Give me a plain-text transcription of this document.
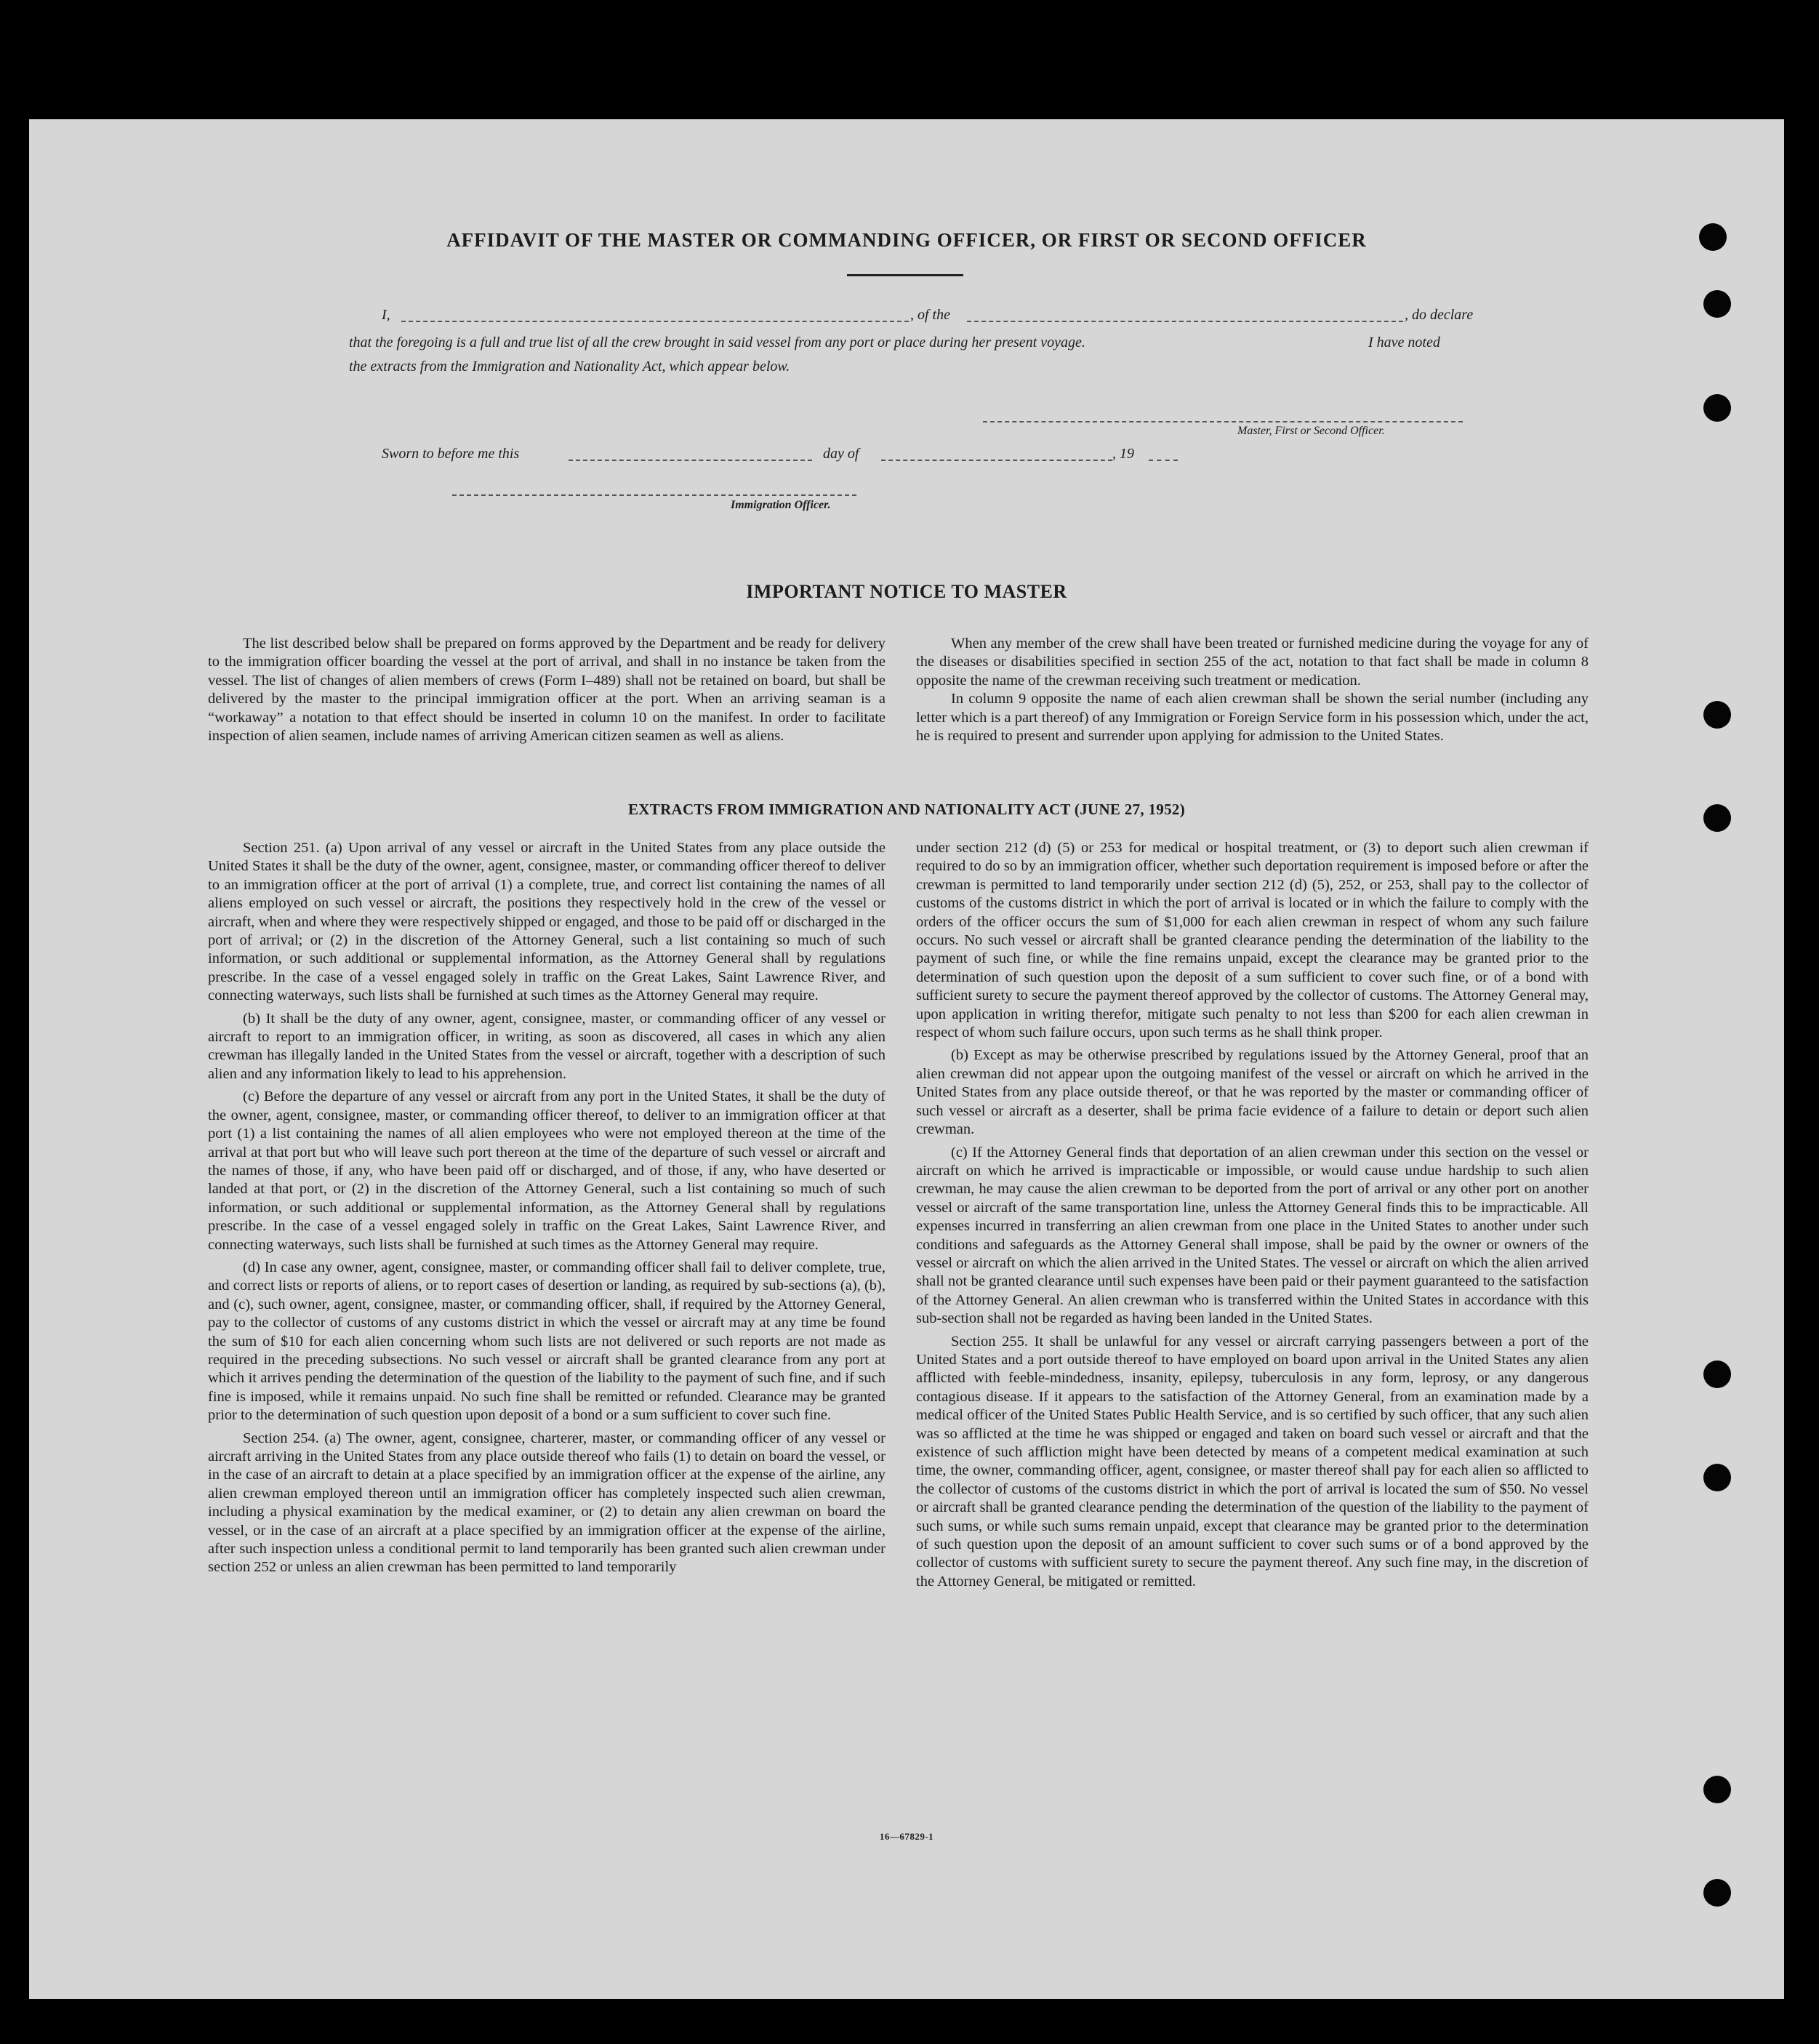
AFFIDAVIT OF THE MASTER OR COMMANDING OFFICER, OR FIRST OR SECOND OFFICER
I,	, of the	, do declare
that the foregoing is a full and true list of all the crew brought in said vessel from any port or place during her present voyage.	I have noted
the extracts from the Immigration and Nationality Act, which appear below.
Master, First or Second Officer.
Sworn to before me this	day of	, 19
Immigration Officer.
IMPORTANT NOTICE TO MASTER

The list described below shall be prepared on forms approved by the Department and be ready for delivery to the immigration officer boarding the vessel at the port of arrival, and shall in no instance be taken from the vessel. The list of changes of alien members of crews (Form I–489) shall not be retained on board, but shall be delivered by the master to the principal immigration officer at the port. When an arriving seaman is a “workaway” a notation to that effect should be inserted in column 10 on the manifest. In order to facilitate inspection of alien seamen, include names of arriving American citizen seamen as well as aliens.

When any member of the crew shall have been treated or furnished medicine during the voyage for any of the diseases or disabilities specified in section 255 of the act, notation to that fact shall be made in column 8 opposite the name of the crewman receiving such treatment or medication.

In column 9 opposite the name of each alien crewman shall be shown the serial number (including any letter which is a part thereof) of any Immigration or Foreign Service form in his possession which, under the act, he is required to present and surrender upon applying for admission to the United States.

EXTRACTS FROM IMMIGRATION AND NATIONALITY ACT (JUNE 27, 1952)

Section 251. (a) Upon arrival of any vessel or aircraft in the United States from any place outside the United States it shall be the duty of the owner, agent, consignee, master, or commanding officer thereof to deliver to an immigration officer at the port of arrival (1) a complete, true, and correct list containing the names of all aliens employed on such vessel or aircraft, the positions they respectively hold in the crew of the vessel or aircraft, when and where they were respectively shipped or engaged, and those to be paid off or discharged in the port of arrival; or (2) in the discretion of the Attorney General, such a list containing so much of such information, or such additional or supplemental information, as the Attorney General shall by regulations prescribe. In the case of a vessel engaged solely in traffic on the Great Lakes, Saint Lawrence River, and connecting waterways, such lists shall be furnished at such times as the Attorney General may require.

(b) It shall be the duty of any owner, agent, consignee, master, or commanding officer of any vessel or aircraft to report to an immigration officer, in writing, as soon as discovered, all cases in which any alien crewman has illegally landed in the United States from the vessel or aircraft, together with a description of such alien and any information likely to lead to his apprehension.

(c) Before the departure of any vessel or aircraft from any port in the United States, it shall be the duty of the owner, agent, consignee, master, or commanding officer thereof, to deliver to an immigration officer at that port (1) a list containing the names of all alien employees who were not employed thereon at the time of the arrival at that port but who will leave such port thereon at the time of the departure of such vessel or aircraft and the names of those, if any, who have been paid off or discharged, and of those, if any, who have deserted or landed at that port, or (2) in the discretion of the Attorney General, such a list containing so much of such information, or such additional or supplemental information, as the Attorney General shall by regulations prescribe. In the case of a vessel engaged solely in traffic on the Great Lakes, Saint Lawrence River, and connecting waterways, such lists shall be furnished at such times as the Attorney General may require.

(d) In case any owner, agent, consignee, master, or commanding officer shall fail to deliver complete, true, and correct lists or reports of aliens, or to report cases of desertion or landing, as required by sub-sections (a), (b), and (c), such owner, agent, consignee, master, or commanding officer, shall, if required by the Attorney General, pay to the collector of customs of any customs district in which the vessel or aircraft may at any time be found the sum of $10 for each alien concerning whom such lists are not delivered or such reports are not made as required in the preceding subsections. No such vessel or aircraft shall be granted clearance from any port at which it arrives pending the determination of the question of the liability to the payment of such fine, and if such fine is imposed, while it remains unpaid. No such fine shall be remitted or refunded. Clearance may be granted prior to the determination of such question upon deposit of a bond or a sum sufficient to cover such fine.

Section 254. (a) The owner, agent, consignee, charterer, master, or commanding officer of any vessel or aircraft arriving in the United States from any place outside thereof who fails (1) to detain on board the vessel, or in the case of an aircraft to detain at a place specified by an immigration officer at the expense of the airline, any alien crewman employed thereon until an immigration officer has completely inspected such alien crewman, including a physical examination by the medical examiner, or (2) to detain any alien crewman on board the vessel, or in the case of an aircraft at a place specified by an immigration officer at the expense of the airline, after such inspection unless a conditional permit to land temporarily has been granted such alien crewman under section 252 or unless an alien crewman has been permitted to land temporarily

under section 212 (d) (5) or 253 for medical or hospital treatment, or (3) to deport such alien crewman if required to do so by an immigration officer, whether such deportation requirement is imposed before or after the crewman is permitted to land temporarily under section 212 (d) (5), 252, or 253, shall pay to the collector of customs of the customs district in which the port of arrival is located or in which the failure to comply with the orders of the officer occurs the sum of $1,000 for each alien crewman in respect of whom any such failure occurs. No such vessel or aircraft shall be granted clearance pending the determination of the liability to the payment of such fine, or while the fine remains unpaid, except the clearance may be granted prior to the determination of such question upon the deposit of a sum sufficient to cover such fine, or of a bond with sufficient surety to secure the payment thereof approved by the collector of customs. The Attorney General may, upon application in writing therefor, mitigate such penalty to not less than $200 for each alien crewman in respect of whom such failure occurs, upon such terms as he shall think proper.

(b) Except as may be otherwise prescribed by regulations issued by the Attorney General, proof that an alien crewman did not appear upon the outgoing manifest of the vessel or aircraft on which he arrived in the United States from any place outside thereof, or that he was reported by the master or commanding officer of such vessel or aircraft as a deserter, shall be prima facie evidence of a failure to detain or deport such alien crewman.

(c) If the Attorney General finds that deportation of an alien crewman under this section on the vessel or aircraft on which he arrived is impracticable or impossible, or would cause undue hardship to such alien crewman, he may cause the alien crewman to be deported from the port of arrival or any other port on another vessel or aircraft of the same transportation line, unless the Attorney General finds this to be impracticable. All expenses incurred in transferring an alien crewman from one place in the United States to another under such conditions and safeguards as the Attorney General shall impose, shall be paid by the owner or owners of the vessel or aircraft on which the alien arrived in the United States. The vessel or aircraft on which the alien arrived shall not be granted clearance until such expenses have been paid or their payment guaranteed to the satisfaction of the Attorney General. An alien crewman who is transferred within the United States in accordance with this sub-section shall not be regarded as having been landed in the United States.

Section 255. It shall be unlawful for any vessel or aircraft carrying passengers between a port of the United States and a port outside thereof to have employed on board upon arrival in the United States any alien afflicted with feeble-mindedness, insanity, epilepsy, tuberculosis in any form, leprosy, or any dangerous contagious disease. If it appears to the satisfaction of the Attorney General, from an examination made by a medical officer of the United States Public Health Service, and is so certified by such officer, that any such alien was so afflicted at the time he was shipped or engaged and taken on board such vessel or aircraft and that the existence of such affliction might have been detected by means of a competent medical examination at such time, the owner, commanding officer, agent, consignee, or master thereof shall pay for each alien so afflicted to the collector of customs of the customs district in which the port of arrival is located the sum of $50. No vessel or aircraft shall be granted clearance pending the determination of the question of the liability to the payment of such sums, or while such sums remain unpaid, except that clearance may be granted prior to the determination of such question upon the deposit of an amount sufficient to cover such sums or of a bond approved by the collector of customs with sufficient surety to secure the payment thereof. Any such fine may, in the discretion of the Attorney General, be mitigated or remitted.

16—67829-1
